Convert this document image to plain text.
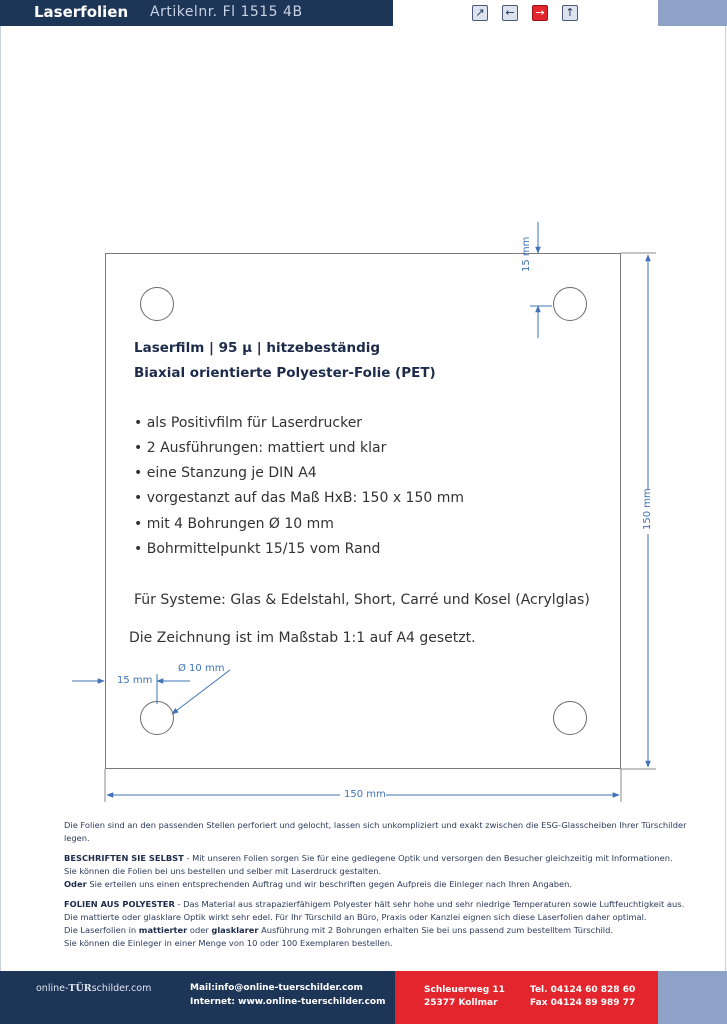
Laserfolien Artikelnr. Fl 1515 4B	↗	←	→	↑
15 mm
150 mm
150 mm
15 mm
Ø 10 mm
Laserfilm | 95 µ | hitzebeständig
Biaxial orientierte Polyester-Folie (PET)
• als Positivfilm für Laserdrucker
• 2 Ausführungen: mattiert und klar
• eine Stanzung je DIN A4
• vorgestanzt auf das Maß HxB: 150 x 150 mm
• mit 4 Bohrungen Ø 10 mm
• Bohrmittelpunkt 15/15 vom Rand
Für Systeme: Glas & Edelstahl, Short, Carré und Kosel (Acrylglas)
Die Zeichnung ist im Maßstab 1:1 auf A4 gesetzt.
Die Folien sind an den passenden Stellen perforiert und gelocht, lassen sich unkompliziert und exakt zwischen die ESG-Glasscheiben Ihrer Türschilder legen.
BESCHRIFTEN SIE SELBST - Mit unseren Folien sorgen Sie für eine gediegene Optik und versorgen den Besucher gleichzeitig mit Informationen.
Sie können die Folien bei uns bestellen und selber mit Laserdruck gestalten.
Oder Sie erteilen uns einen entsprechenden Auftrag und wir beschriften gegen Aufpreis die Einleger nach Ihren Angaben.
FOLIEN AUS POLYESTER - Das Material aus strapazierfähigem Polyester hält sehr hohe und sehr niedrige Temperaturen sowie Luftfeuchtigkeit aus.
Die mattierte oder glasklare Optik wirkt sehr edel. Für Ihr Türschild an Büro, Praxis oder Kanzlei eignen sich diese Laserfolien daher optimal.
Die Laserfolien in mattierter oder glasklarer Ausführung mit 2 Bohrungen erhalten Sie bei uns passend zum bestelltem Türschild.
Sie können die Einleger in einer Menge von 10 oder 100 Exemplaren bestellen.
online-TÜRschilder.com	Mail:info@online-tuerschilder.com
Internet: www.online-tuerschilder.com
Schleuerweg 11
25377 Kollmar
Tel. 04124 60 828 60
Fax 04124 89 989 77
